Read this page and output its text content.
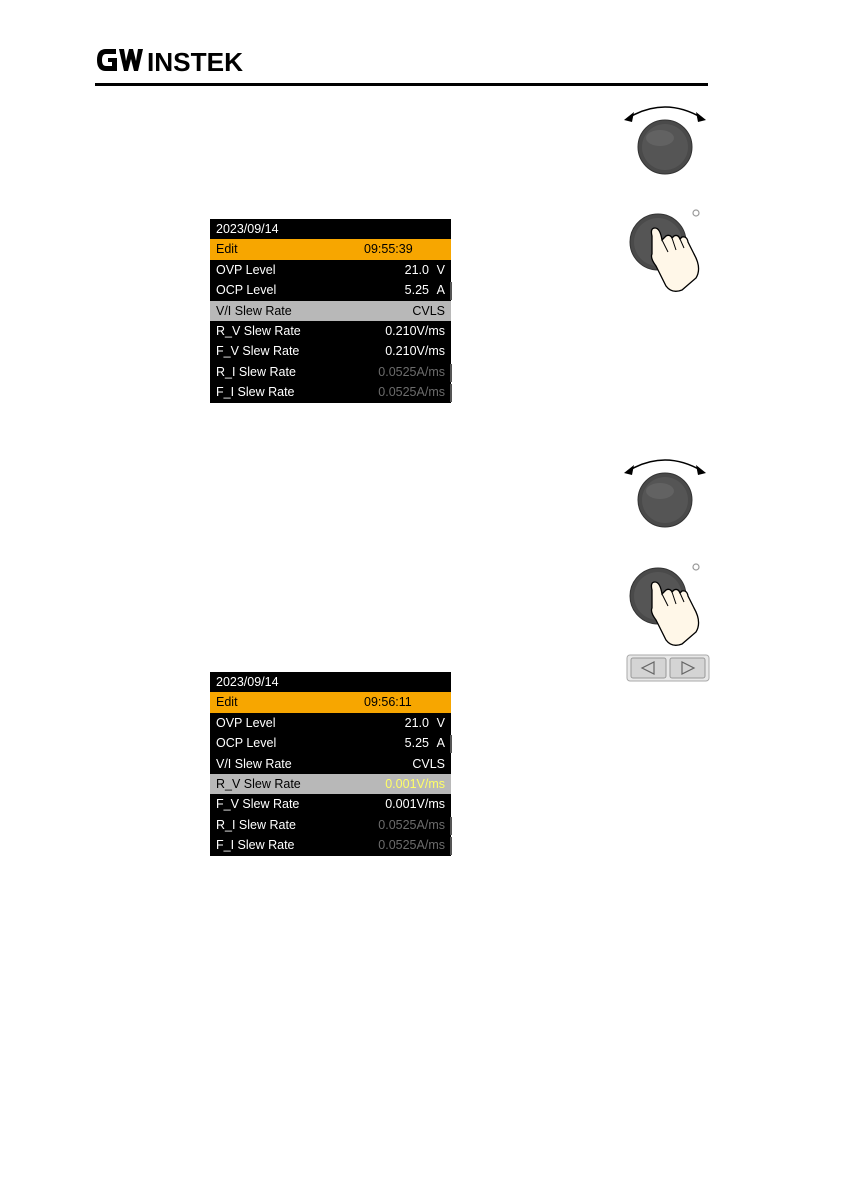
INSTEK
2023/09/14
Edit	09:55:39
OVP Level	21.0 V
OCP Level	5.25 A
V/I Slew Rate	CVLS
R_V Slew Rate	0.210V/ms
F_V Slew Rate	0.210V/ms
R_I Slew Rate	0.0525A/ms
F_I Slew Rate	0.0525A/ms
2023/09/14
Edit	09:56:11
OVP Level	21.0 V
OCP Level	5.25 A
V/I Slew Rate	CVLS
R_V Slew Rate	0.001V/ms
F_V Slew Rate	0.001V/ms
R_I Slew Rate	0.0525A/ms
F_I Slew Rate	0.0525A/ms
